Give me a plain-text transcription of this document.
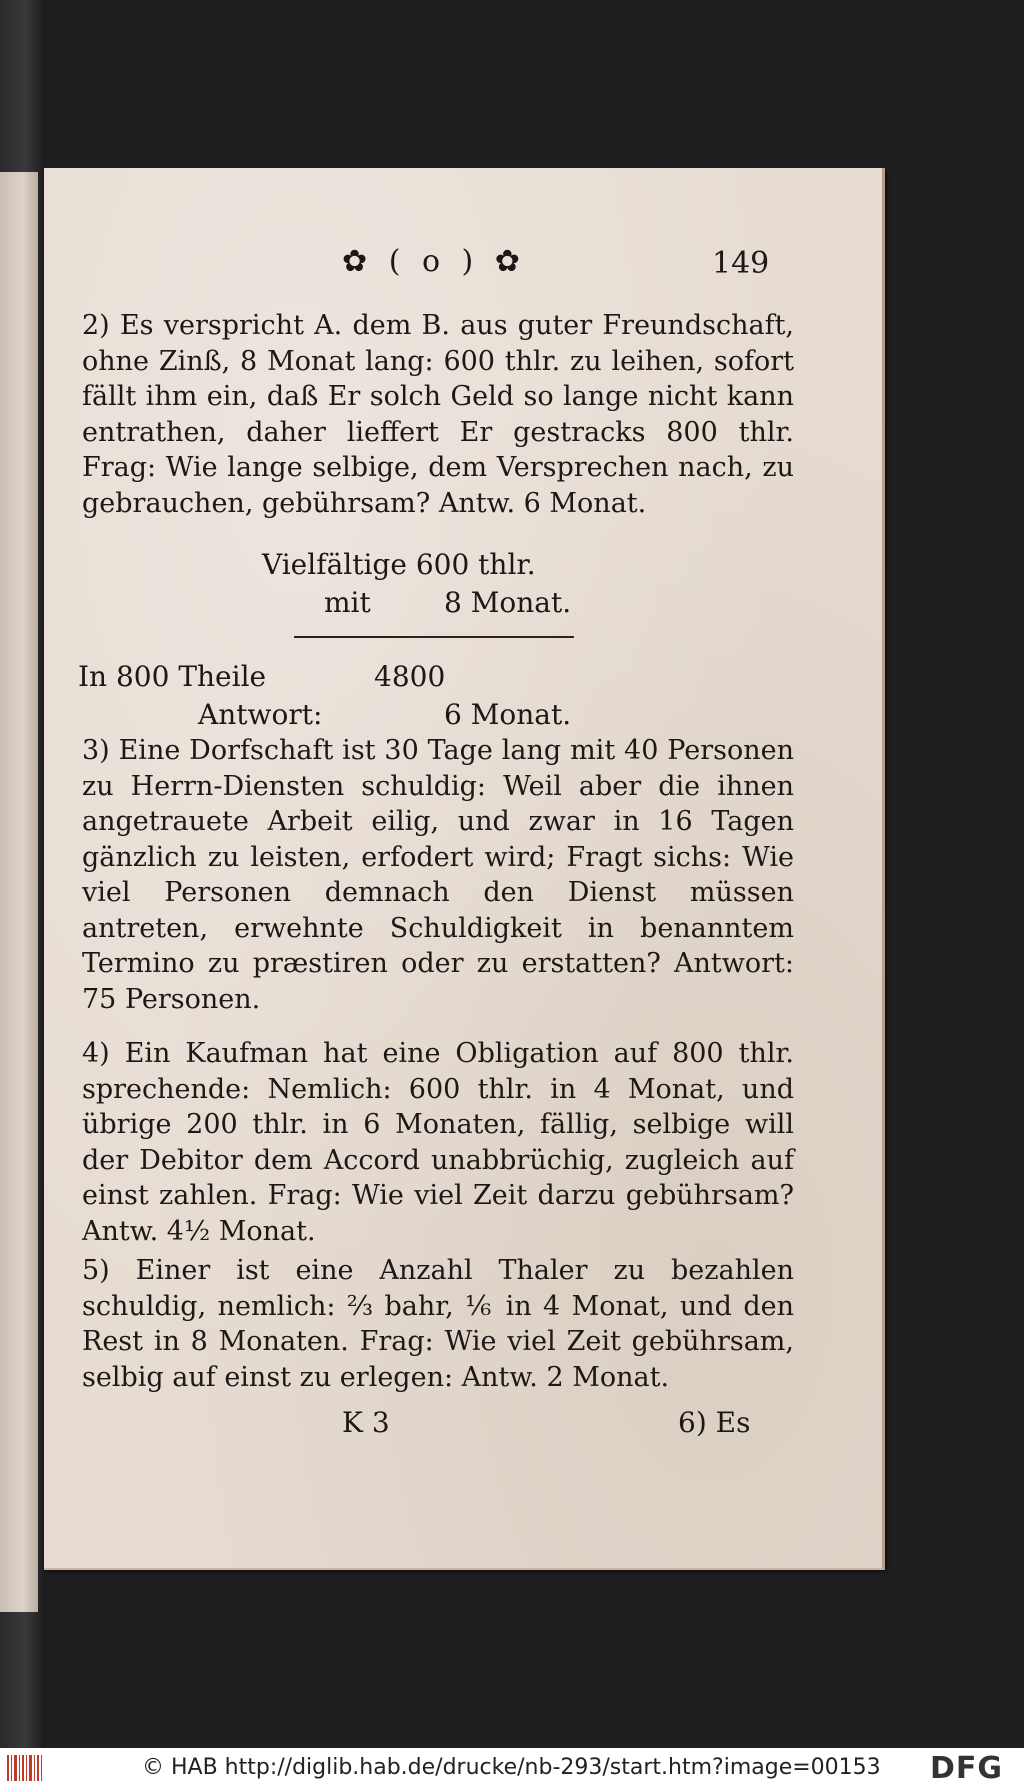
✿ ( o ) ✿	149
2) Es verspricht A. dem B. aus guter Freundschaft, ohne Zinß, 8 Monat lang: 600 thlr. zu leihen, sofort fällt ihm ein, daß Er solch Geld so lange nicht kann entrathen, daher lieffert Er gestracks 800 thlr. Frag: Wie lange selbige, dem Versprechen nach, zu gebrauchen, gebührsam? Antw. 6 Monat.
Vielfältige 600 thlr.
mit	8 Monat.
In 800 Theile	4800
Antwort:	6 Monat.
3) Eine Dorfschaft ist 30 Tage lang mit 40 Personen zu Herrn-Diensten schuldig: Weil aber die ihnen angetrauete Arbeit eilig, und zwar in 16 Tagen gänzlich zu leisten, erfodert wird; Fragt sichs: Wie viel Personen demnach den Dienst müssen antreten, erwehnte Schuldigkeit in benanntem Termino zu præstiren oder zu erstatten? Antwort: 75 Personen.
4) Ein Kaufman hat eine Obligation auf 800 thlr. sprechende: Nemlich: 600 thlr. in 4 Monat, und übrige 200 thlr. in 6 Monaten, fällig, selbige will der Debitor dem Accord unabbrüchig, zugleich auf einst zahlen. Frag: Wie viel Zeit darzu gebührsam? Antw. 4½ Monat.
5) Einer ist eine Anzahl Thaler zu bezahlen schuldig, nemlich: ⅔ bahr, ⅙ in 4 Monat, und den Rest in 8 Monaten. Frag: Wie viel Zeit gebührsam, selbig auf einst zu erlegen: Antw. 2 Monat.
K 3	6) Es
© HAB http://diglib.hab.de/drucke/nb-293/start.htm?image=00153 DFG
